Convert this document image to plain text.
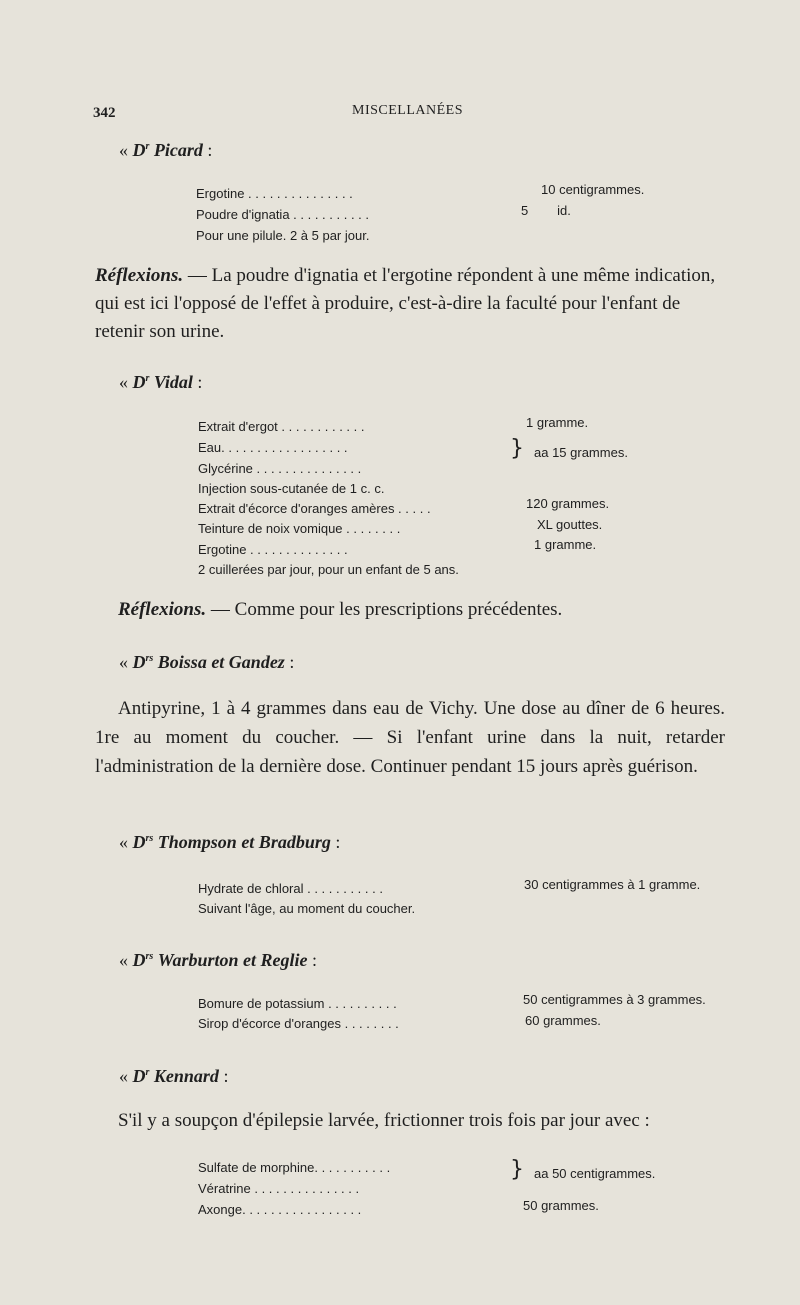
342	MISCELLANÉES
« $D^r$ Picard :
Ergotine . . . . . . . . . . . . . . .	10 centigrammes.
Poudre d'ignatia . . . . . . . . . . .	5        id.
Pour une pilule. 2 à 5 par jour.
Réflexions. — La poudre d'ignatia et l'ergotine répondent à une même indication, qui est ici l'opposé de l'effet à produire, c'est-à-dire la faculté pour l'enfant de retenir son urine.
« $D^r$ Vidal :
Extrait d'ergot . . . . . . . . . . . .	1 gramme.
Eau. . . . . . . . . . . . . . . . . .
Glycérine . . . . . . . . . . . . . . .
} aa 15 grammes.
Injection sous-cutanée de 1 c. c.
Extrait d'écorce d'oranges amères . . . . .	120 grammes.
Teinture de noix vomique . . . . . . . .	XL gouttes.
Ergotine . . . . . . . . . . . . . .	1 gramme.
2 cuillerées par jour, pour un enfant de 5 ans.
Réflexions. — Comme pour les prescriptions précédentes.
« $D^{rs}$ Boissa et Gandez :
Antipyrine, 1 à 4 grammes dans eau de Vichy. Une dose au dîner de 6 heures. 1re au moment du coucher. — Si l'enfant urine dans la nuit, retarder l'administration de la dernière dose. Continuer pendant 15 jours après guérison.
« $D^{rs}$ Thompson et Bradburg :
Hydrate de chloral . . . . . . . . . . .	30 centigrammes à 1 gramme.
Suivant l'âge, au moment du coucher.
« $D^{rs}$ Warburton et Reglie :
Bomure de potassium . . . . . . . . . .	50 centigrammes à 3 grammes.
Sirop d'écorce d'oranges . . . . . . . .	60 grammes.
« $D^r$ Kennard :
S'il y a soupçon d'épilepsie larvée, frictionner trois fois par jour avec :
Sulfate de morphine. . . . . . . . . . .
Vératrine . . . . . . . . . . . . . . .
} aa 50 centigrammes.
Axonge. . . . . . . . . . . . . . . . .	50 grammes.
